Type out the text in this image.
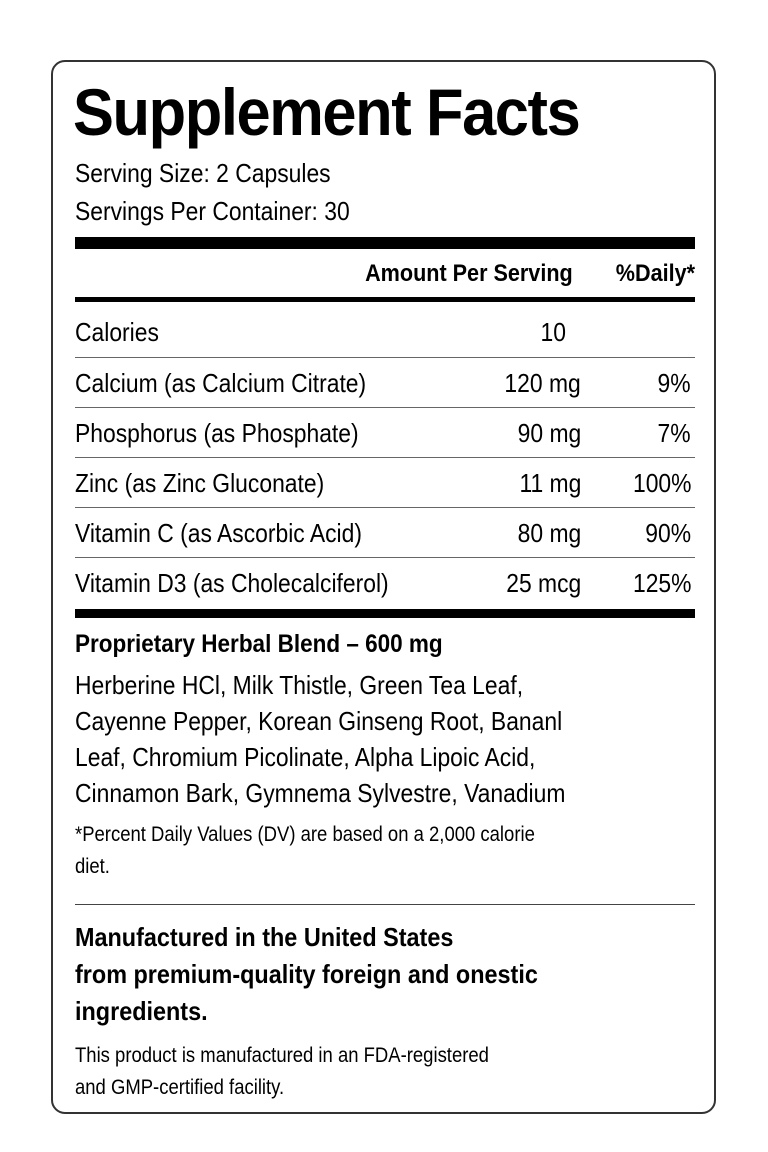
Supplement Facts
Serving Size: 2 Capsules
Servings Per Container: 30
Amount Per Serving %Daily*
Calories	10
Calcium (as Calcium Citrate)	120 mg	9%
Phosphorus (as Phosphate)	90 mg	7%
Zinc (as Zinc Gluconate)	11 mg 100%
Vitamin C (as Ascorbic Acid)	80 mg 90%
Vitamin D3 (as Cholecalciferol)	25 mcg 125%
Proprietary Herbal Blend – 600 mg
Herberine HCl, Milk Thistle, Green Tea Leaf,
Cayenne Pepper, Korean Ginseng Root, Bananl
Leaf, Chromium Picolinate, Alpha Lipoic Acid,
Cinnamon Bark, Gymnema Sylvestre, Vanadium
*Percent Daily Values (DV) are based on a 2,000 calorie
diet.
Manufactured in the United States
from premium-quality foreign and onestic
ingredients.
This product is manufactured in an FDA-registered
and GMP-certified facility.
